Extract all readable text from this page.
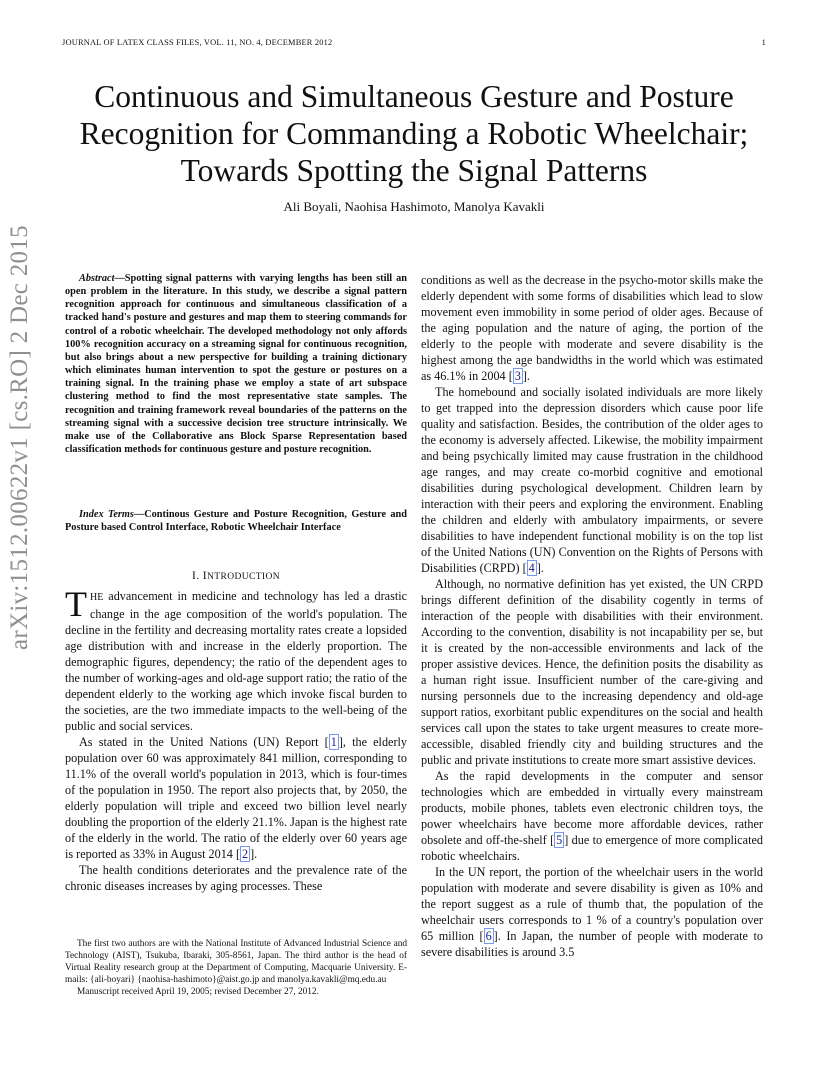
JOURNAL OF LATEX CLASS FILES, VOL. 11, NO. 4, DECEMBER 2012	1
Continuous and Simultaneous Gesture and Posture Recognition for Commanding a Robotic Wheelchair; Towards Spotting the Signal Patterns
Ali Boyali, Naohisa Hashimoto, Manolya Kavakli
arXiv:1512.00622v1 [cs.RO] 2 Dec 2015	Abstract—Spotting signal patterns with varying lengths has been still an open problem in the literature. In this study, we describe a signal pattern recognition approach for continuous and simultaneous classification of a tracked hand's posture and gestures and map them to steering commands for control of a robotic wheelchair. The developed methodology not only affords 100% recognition accuracy on a streaming signal for continuous recognition, but also brings about a new perspective for building a training dictionary which eliminates human intervention to spot the gesture or postures on a training signal. In the training phase we employ a state of art subspace clustering method to find the most representative state samples. The recognition and training framework reveal boundaries of the patterns on the streaming signal with a successive decision tree structure intrinsically. We make use of the Collaborative ans Block Sparse Representation based classification methods for continuous gesture and posture recognition.

Index Terms—Continous Gesture and Posture Recognition, Gesture and Posture based Control Interface, Robotic Wheelchair Interface

I. INTRODUCTION

THE advancement in medicine and technology has led a drastic change in the age composition of the world's population. The decline in the fertility and decreasing mortality rates create a lopsided age distribution with and increase in the elderly proportion. The demographic figures, dependency; the ratio of the dependent ages to the number of working-ages and old-age support ratio; the ratio of the dependent elderly to the working age which invoke fiscal burden to the societies, are the two immediate impacts to the well-being of the public and social services.

As stated in the United Nations (UN) Report [ 1 ], the elderly population over 60 was approximately 841 million, corresponding to 11.1% of the overall world's population in 2013, which is four-times of the population in 1950. The report also projects that, by 2050, the elderly population will triple and exceed two billion level nearly doubling the proportion of the elderly 21.1%. Japan is the highest rate of the elderly in the world. The ratio of the elderly over 60 years age is reported as 33% in August 2014 [ 2 ].

The health conditions deteriorates and the prevalence rate of the chronic diseases increases by aging processes. These

The first two authors are with the National Institute of Advanced Industrial Science and Technology (AIST), Tsukuba, Ibaraki, 305-8561, Japan. The third author is the head of Virtual Reality research group at the Department of Computing, Macquarie University. E-mails: {ali-boyari} {naohisa-hashimoto}@aist.go.jp and manolya.kavakli@mq.edu.au

Manuscript received April 19, 2005; revised December 27, 2012.

conditions as well as the decrease in the psycho-motor skills make the elderly dependent with some forms of disabilities which lead to slow movement even immobility in some period of older ages. Because of the aging population and the nature of aging, the portion of the elderly to the people with moderate and severe disability is the highest among the age bandwidths in the world which was estimated as 46.1% in 2004 [ 3 ].

The homebound and socially isolated individuals are more likely to get trapped into the depression disorders which cause poor life quality and satisfaction. Besides, the contribution of the older ages to the economy is adversely affected. Likewise, the mobility impairment and being psychically limited may cause frustration in the childhood age ranges, and may create co-morbid cognitive and emotional disabilities during psychological development. Children learn by interaction with their peers and exploring the environment. Enabling the children and elderly with ambulatory impairments, or severe disabilities to have independent functional mobility is on the top list of the United Nations (UN) Convention on the Rights of Persons with Disabilities (CRPD) [ 4 ].

Although, no normative definition has yet existed, the UN CRPD brings different definition of the disability cogently in terms of interaction of the people with disabilities with their environment. According to the convention, disability is not incapability per se, but it is created by the non-accessible environments and lack of the proper assistive devices. Hence, the definition posits the disability as a human right issue. Insufficient number of the care-giving and nursing personnels due to the increasing dependency and old-age support ratios, exorbitant public expenditures on the social and health services call upon the states to take urgent measures to create more-accessible, disabled friendly city and building structures and the public and private institutions to create more smart assistive devices.

As the rapid developments in the computer and sensor technologies which are embedded in virtually every mainstream products, mobile phones, tablets even electronic children toys, the power wheelchairs have become more affordable devices, rather obsolete and off-the-shelf [ 5 ] due to emergence of more complicated robotic wheelchairs.

In the UN report, the portion of the wheelchair users in the world population with moderate and severe disability is given as 10% and the report suggest as a rule of thumb that, the population of the wheelchair users corresponds to 1 % of a country's population over 65 million [ 6 ]. In Japan, the number of people with moderate to severe disabilities is around 3.5
